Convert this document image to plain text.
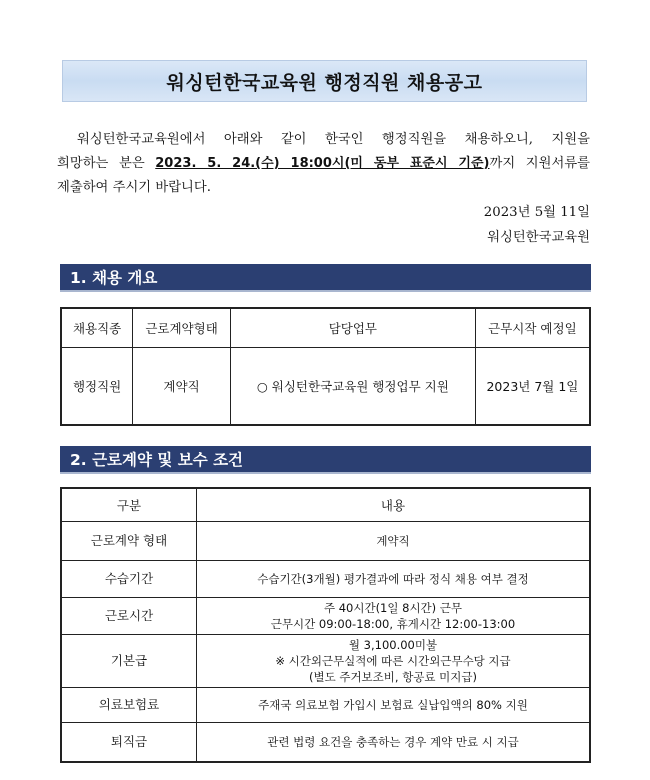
워싱턴한국교육원 행정직원 채용공고
워싱턴한국교육원에서 아래와 같이 한국인 행정직원을 채용하오니, 지원을
희망하는 분은 2023. 5. 24.(수) 18:00시(미 동부 표준시 기준)까지 지원서류를
제출하여 주시기 바랍니다.
2023년 5월 11일
워싱턴한국교육원
1. 채용 개요
채용직종	근로계약형태	담당업무	근무시작 예정일
행정직원	계약직	○ 워싱턴한국교육원 행정업무 지원	2023년 7월 1일
2. 근로계약 및 보수 조건
구분	내용
근로계약 형태	계약직

수습기간	수습기간(3개월) 평가결과에 따라 정식 채용 여부 결정

근로시간	주 40시간(1일 8시간) 근무
근무시간 09:00-18:00, 휴게시간 12:00-13:00

기본급	월 3,100.00미불
※ 시간외근무실적에 따른 시간외근무수당 지급
(별도 주거보조비, 항공료 미지급)

의료보험료	주재국 의료보험 가입시 보험료 실납입액의 80% 지원

퇴직금	관련 법령 요건을 충족하는 경우 계약 만료 시 지급
